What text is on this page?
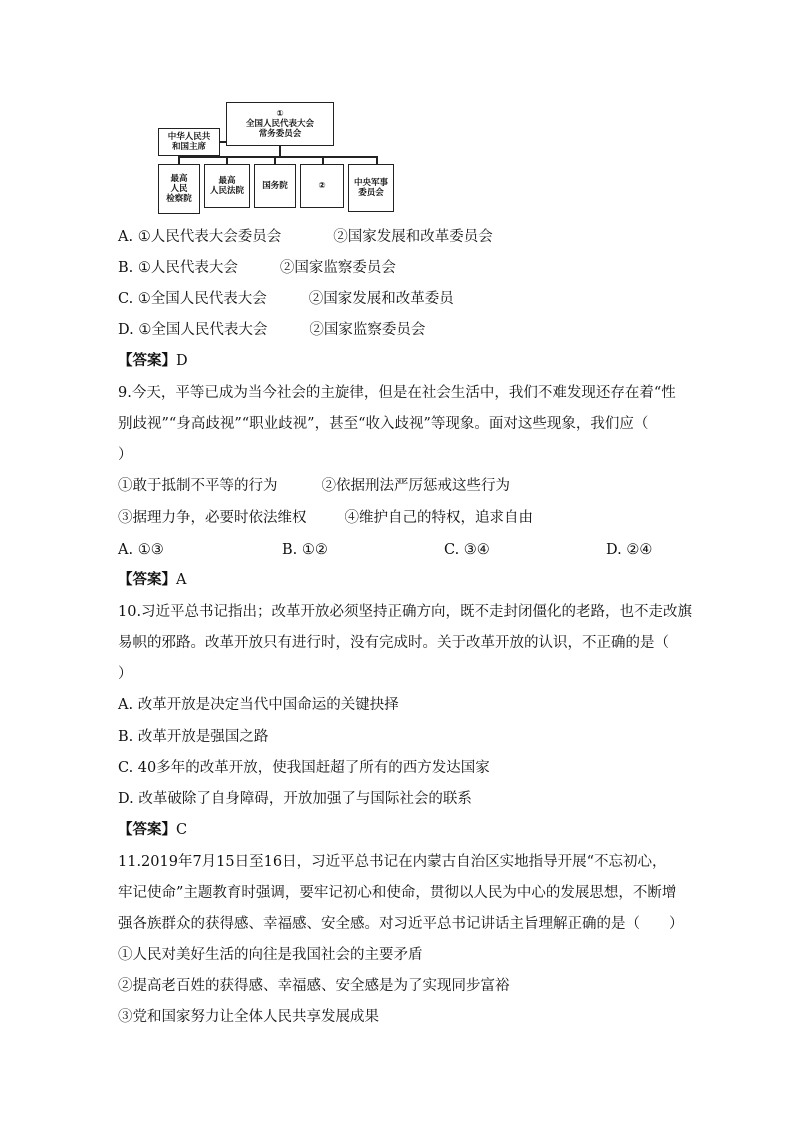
①
全国人民代表大会
常务委员会
中华人民共
和国主席
最高
人民
检察院
最高
人民法院 国务院	②	中央军事
委员会
A. ①人民代表大会委员会	②国家发展和改革委员会
B. ①人民代表大会	②国家监察委员会
C. ①全国人民代表大会	②国家发展和改革委员
D. ①全国人民代表大会	②国家监察委员会
【答案】D
9.今天，平等已成为当今社会的主旋律，但是在社会生活中，我们不难发现还存在着“性
别歧视”“身高歧视”“职业歧视”，甚至“收入歧视”等现象。面对这些现象，我们应（
）
①敢于抵制不平等的行为	②依据刑法严厉惩戒这些行为
③据理力争，必要时依法维权	④维护自己的特权，追求自由
A. ①③	B. ①②	C. ③④	D. ②④
【答案】A
10.习近平总书记指出；改革开放必须坚持正确方向，既不走封闭僵化的老路，也不走改旗
易帜的邪路。改革开放只有进行时，没有完成时。关于改革开放的认识，不正确的是（
）
A. 改革开放是决定当代中国命运的关键抉择
B. 改革开放是强国之路
C. 40多年的改革开放，使我国赶超了所有的西方发达国家
D. 改革破除了自身障碍，开放加强了与国际社会的联系
【答案】C
11.2019年7月15日至16日，习近平总书记在内蒙古自治区实地指导开展“不忘初心，
牢记使命”主题教育时强调，要牢记初心和使命，贯彻以人民为中心的发展思想，不断增
强各族群众的获得感、幸福感、安全感。对习近平总书记讲话主旨理解正确的是（　　）
①人民对美好生活的向往是我国社会的主要矛盾
②提高老百姓的获得感、幸福感、安全感是为了实现同步富裕
③党和国家努力让全体人民共享发展成果
